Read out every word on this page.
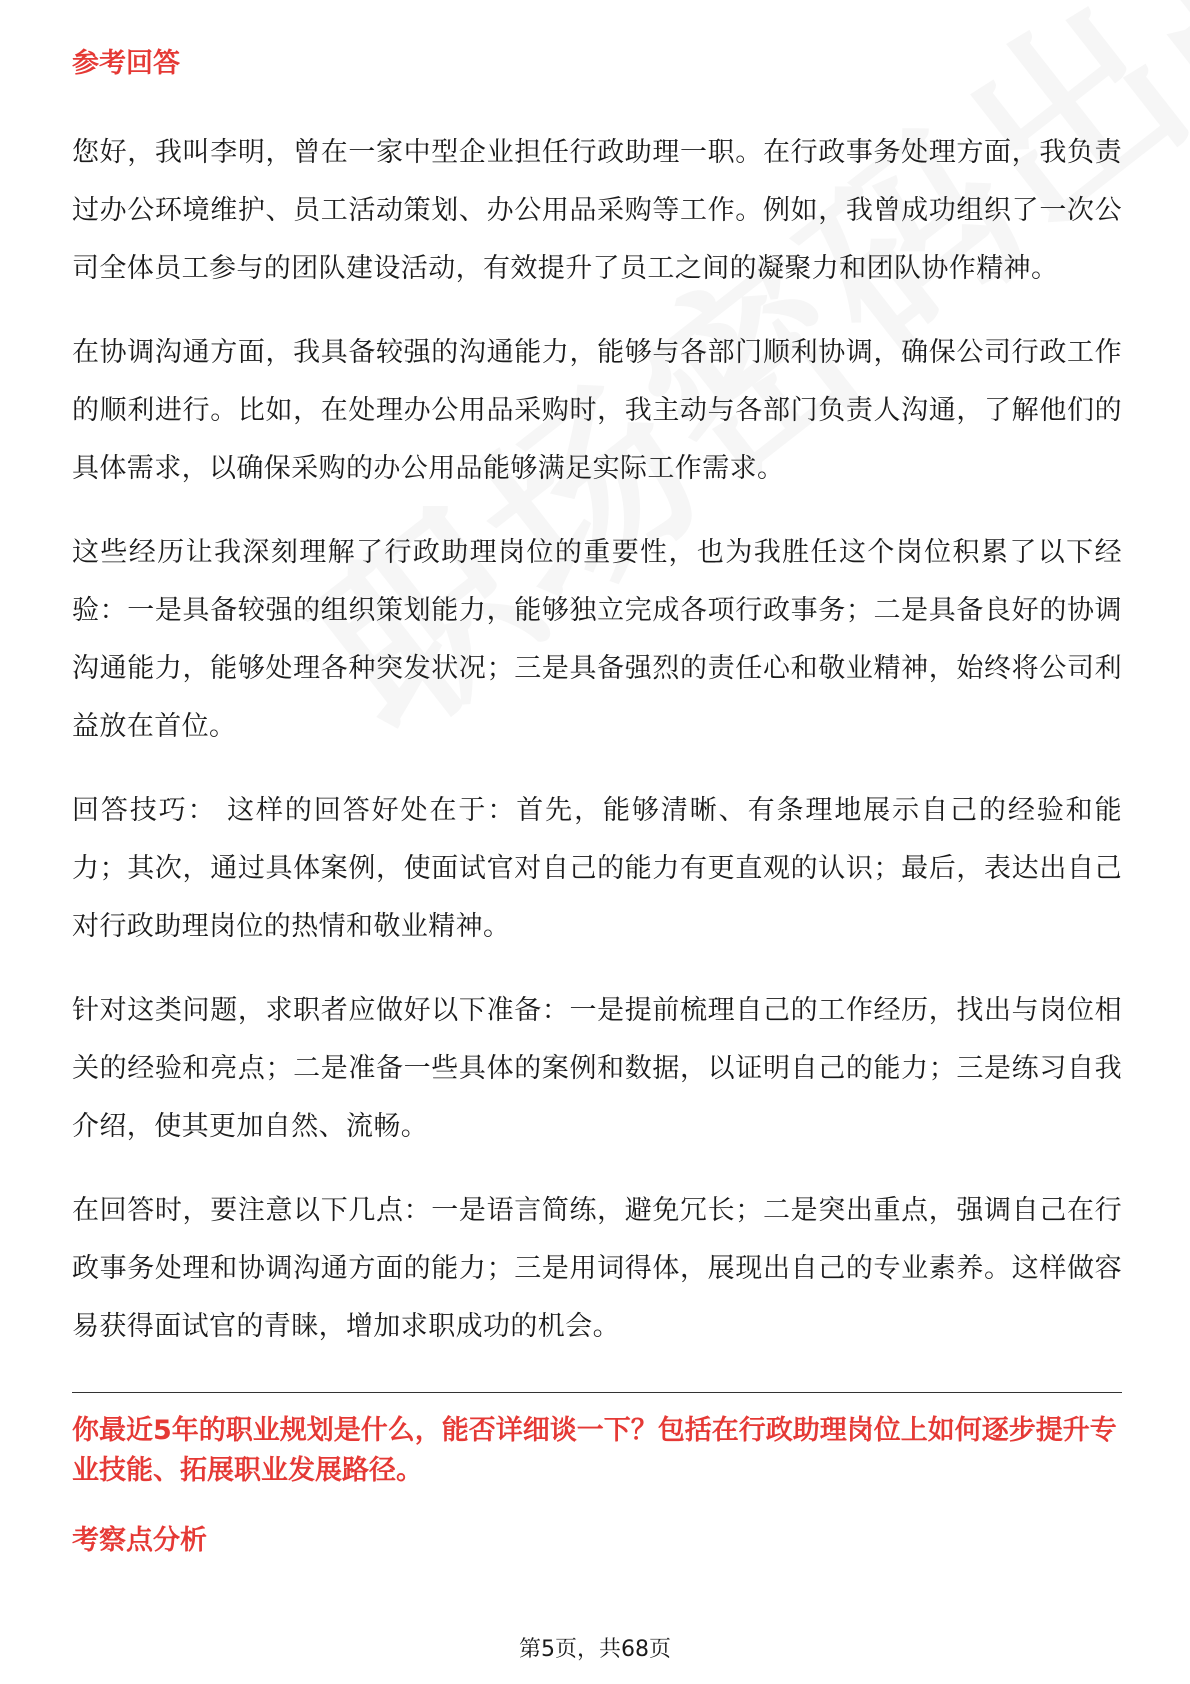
参考回答

您好，我叫李明，曾在一家中型企业担任行政助理一职。在行政事务处理方面，我负责过办公环境维护、员工活动策划、办公用品采购等工作。例如，我曾成功组织了一次公司全体员工参与的团队建设活动，有效提升了员工之间的凝聚力和团队协作精神。

在协调沟通方面，我具备较强的沟通能力，能够与各部门顺利协调，确保公司行政工作的顺利进行。比如，在处理办公用品采购时，我主动与各部门负责人沟通，了解他们的具体需求，以确保采购的办公用品能够满足实际工作需求。

这些经历让我深刻理解了行政助理岗位的重要性，也为我胜任这个岗位积累了以下经验：一是具备较强的组织策划能力，能够独立完成各项行政事务；二是具备良好的协调沟通能力，能够处理各种突发状况；三是具备强烈的责任心和敬业精神，始终将公司利益放在首位。

回答技巧： 这样的回答好处在于：首先，能够清晰、有条理地展示自己的经验和能力；其次，通过具体案例，使面试官对自己的能力有更直观的认识；最后，表达出自己对行政助理岗位的热情和敬业精神。

针对这类问题，求职者应做好以下准备：一是提前梳理自己的工作经历，找出与岗位相关的经验和亮点；二是准备一些具体的案例和数据，以证明自己的能力；三是练习自我介绍，使其更加自然、流畅。

在回答时，要注意以下几点：一是语言简练，避免冗长；二是突出重点，强调自己在行政事务处理和协调沟通方面的能力；三是用词得体，展现出自己的专业素养。这样做容易获得面试官的青睐，增加求职成功的机会。

你最近5年的职业规划是什么，能否详细谈一下？包括在行政助理岗位上如何逐步提升专业技能、拓展职业发展路径。

考察点分析
第5页，共68页
